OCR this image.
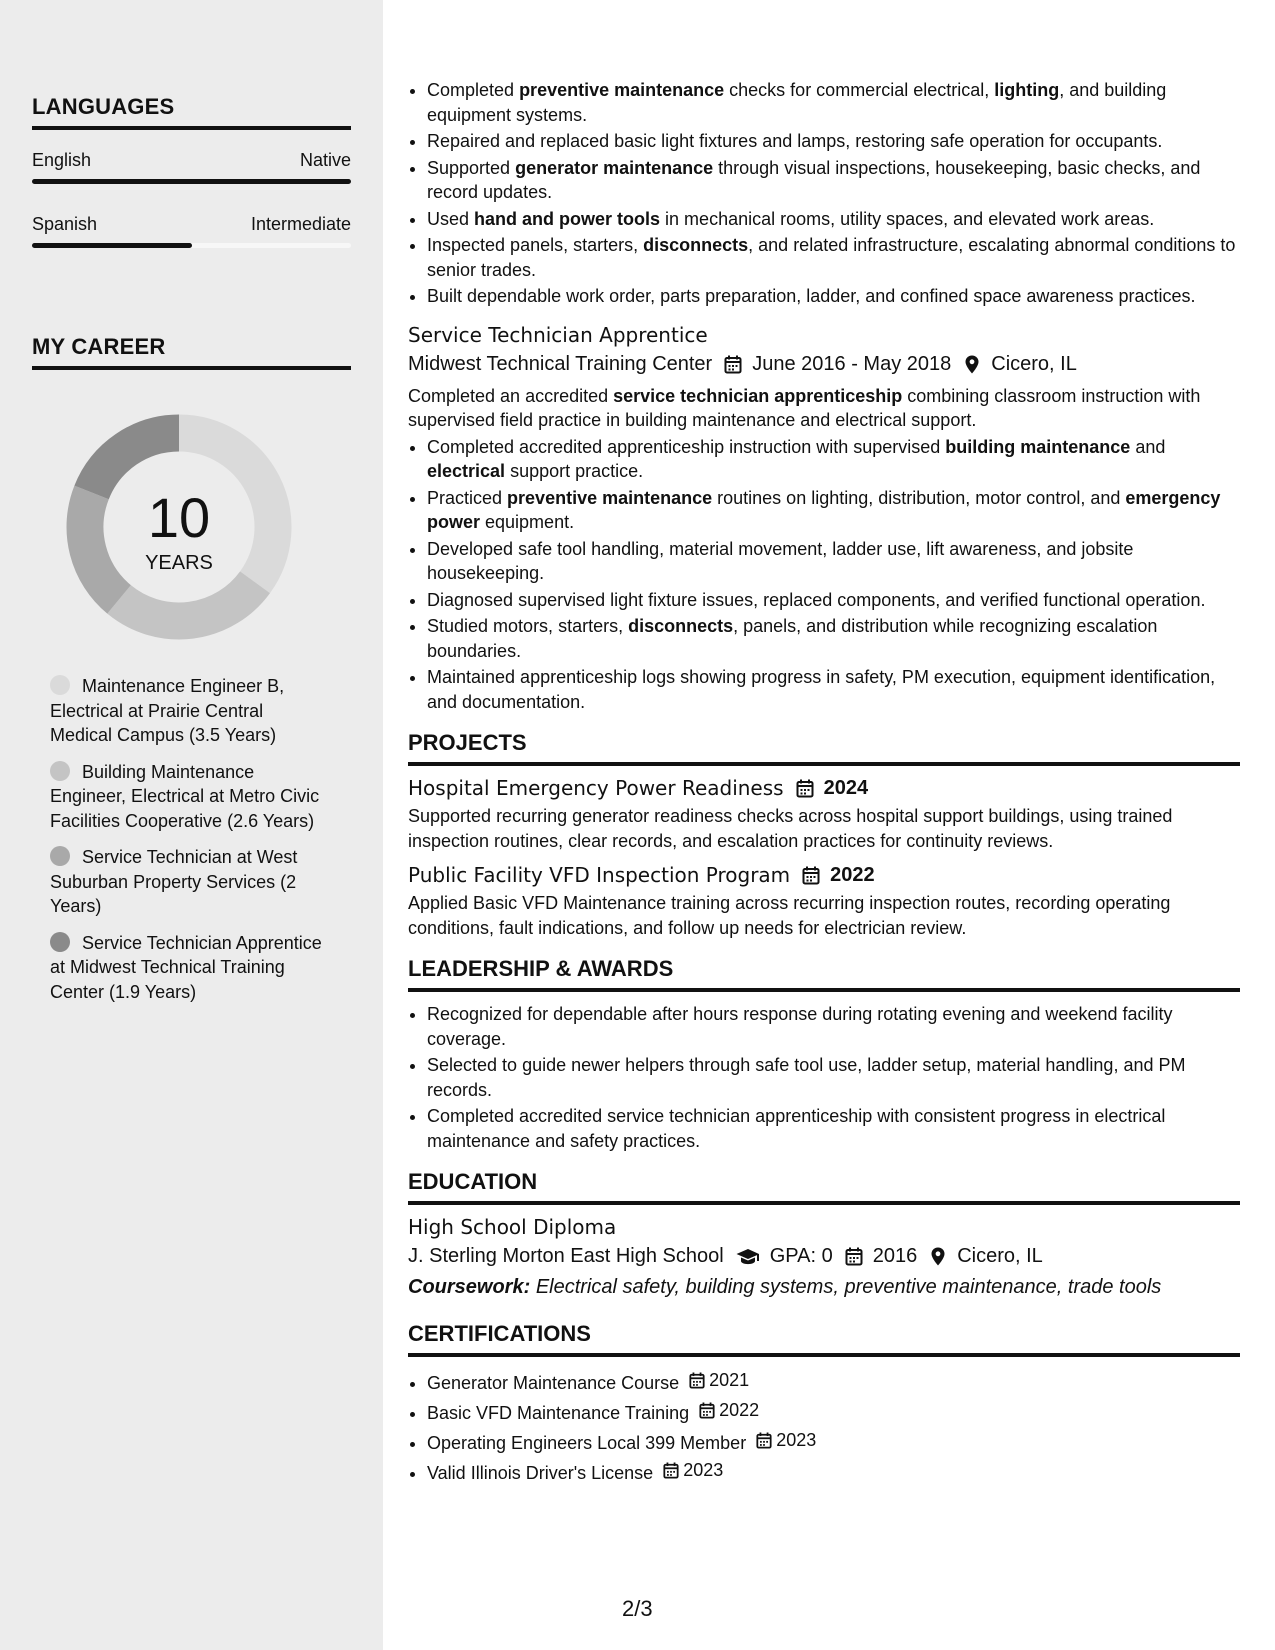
LANGUAGES
English	Native
Spanish	Intermediate
MY CAREER
10
YEARS
Maintenance Engineer B, Electrical at Prairie Central Medical Campus (3.5 Years)
Building Maintenance Engineer, Electrical at Metro Civic Facilities Cooperative (2.6 Years)
Service Technician at West Suburban Property Services (2 Years)
Service Technician Apprentice at Midwest Technical Training Center (1.9 Years)
• Completed preventive maintenance checks for commercial electrical, lighting, and building equipment systems.
• Repaired and replaced basic light fixtures and lamps, restoring safe operation for occupants.
• Supported generator maintenance through visual inspections, housekeeping, basic checks, and record updates.
• Used hand and power tools in mechanical rooms, utility spaces, and elevated work areas.
• Inspected panels, starters, disconnects, and related infrastructure, escalating abnormal conditions to senior trades.
• Built dependable work order, parts preparation, ladder, and confined space awareness practices.
Service Technician Apprentice
Midwest Technical Training Center June 2016 - May 2018 Cicero, IL
Completed an accredited service technician apprenticeship combining classroom instruction with supervised field practice in building maintenance and electrical support.
• Completed accredited apprenticeship instruction with supervised building maintenance and electrical support practice.
• Practiced preventive maintenance routines on lighting, distribution, motor control, and emergency power equipment.
• Developed safe tool handling, material movement, ladder use, lift awareness, and jobsite housekeeping.
• Diagnosed supervised light fixture issues, replaced components, and verified functional operation.
• Studied motors, starters, disconnects, panels, and distribution while recognizing escalation boundaries.
• Maintained apprenticeship logs showing progress in safety, PM execution, equipment identification, and documentation.
PROJECTS
Hospital Emergency Power Readiness 2024
Supported recurring generator readiness checks across hospital support buildings, using trained inspection routines, clear records, and escalation practices for continuity reviews.
Public Facility VFD Inspection Program 2022
Applied Basic VFD Maintenance training across recurring inspection routes, recording operating conditions, fault indications, and follow up needs for electrician review.
LEADERSHIP & AWARDS
• Recognized for dependable after hours response during rotating evening and weekend facility coverage.
• Selected to guide newer helpers through safe tool use, ladder setup, material handling, and PM records.
• Completed accredited service technician apprenticeship with consistent progress in electrical maintenance and safety practices.
EDUCATION
High School Diploma
J. Sterling Morton East High School GPA: 0 2016 Cicero, IL
Coursework: Electrical safety, building systems, preventive maintenance, trade tools
CERTIFICATIONS
• Generator Maintenance Course 2021
• Basic VFD Maintenance Training 2022
• Operating Engineers Local 399 Member 2023
• Valid Illinois Driver's License 2023
2/3
